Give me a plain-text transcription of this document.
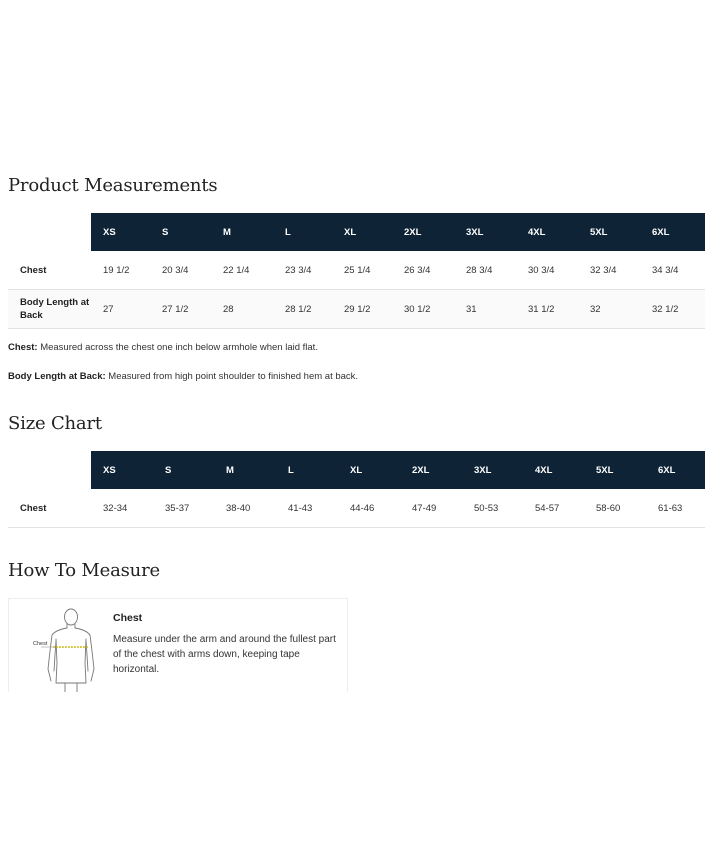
Product Measurements
	XS	S	M	L	XL	2XL	3XL	4XL	5XL	6XL
Chest	19 1/2	20 3/4	22 1/4	23 3/4	25 1/4	26 3/4	28 3/4	30 3/4	32 3/4	34 3/4
Body Length at Back	27	27 1/2	28	28 1/2	29 1/2	30 1/2	31	31 1/2	32	32 1/2

Chest: Measured across the chest one inch below armhole when laid flat.

Body Length at Back: Measured from high point shoulder to finished hem at back.

Size Chart
	XS	S	M	L	XL	2XL	3XL	4XL	5XL	6XL
Chest	32-34	35-37	38-40	41-43	44-46	47-49	50-53	54-57	58-60	61-63
How To Measure
Chest

Chest

Measure under the arm and around the fullest part of the chest with arms down, keeping tape horizontal.
